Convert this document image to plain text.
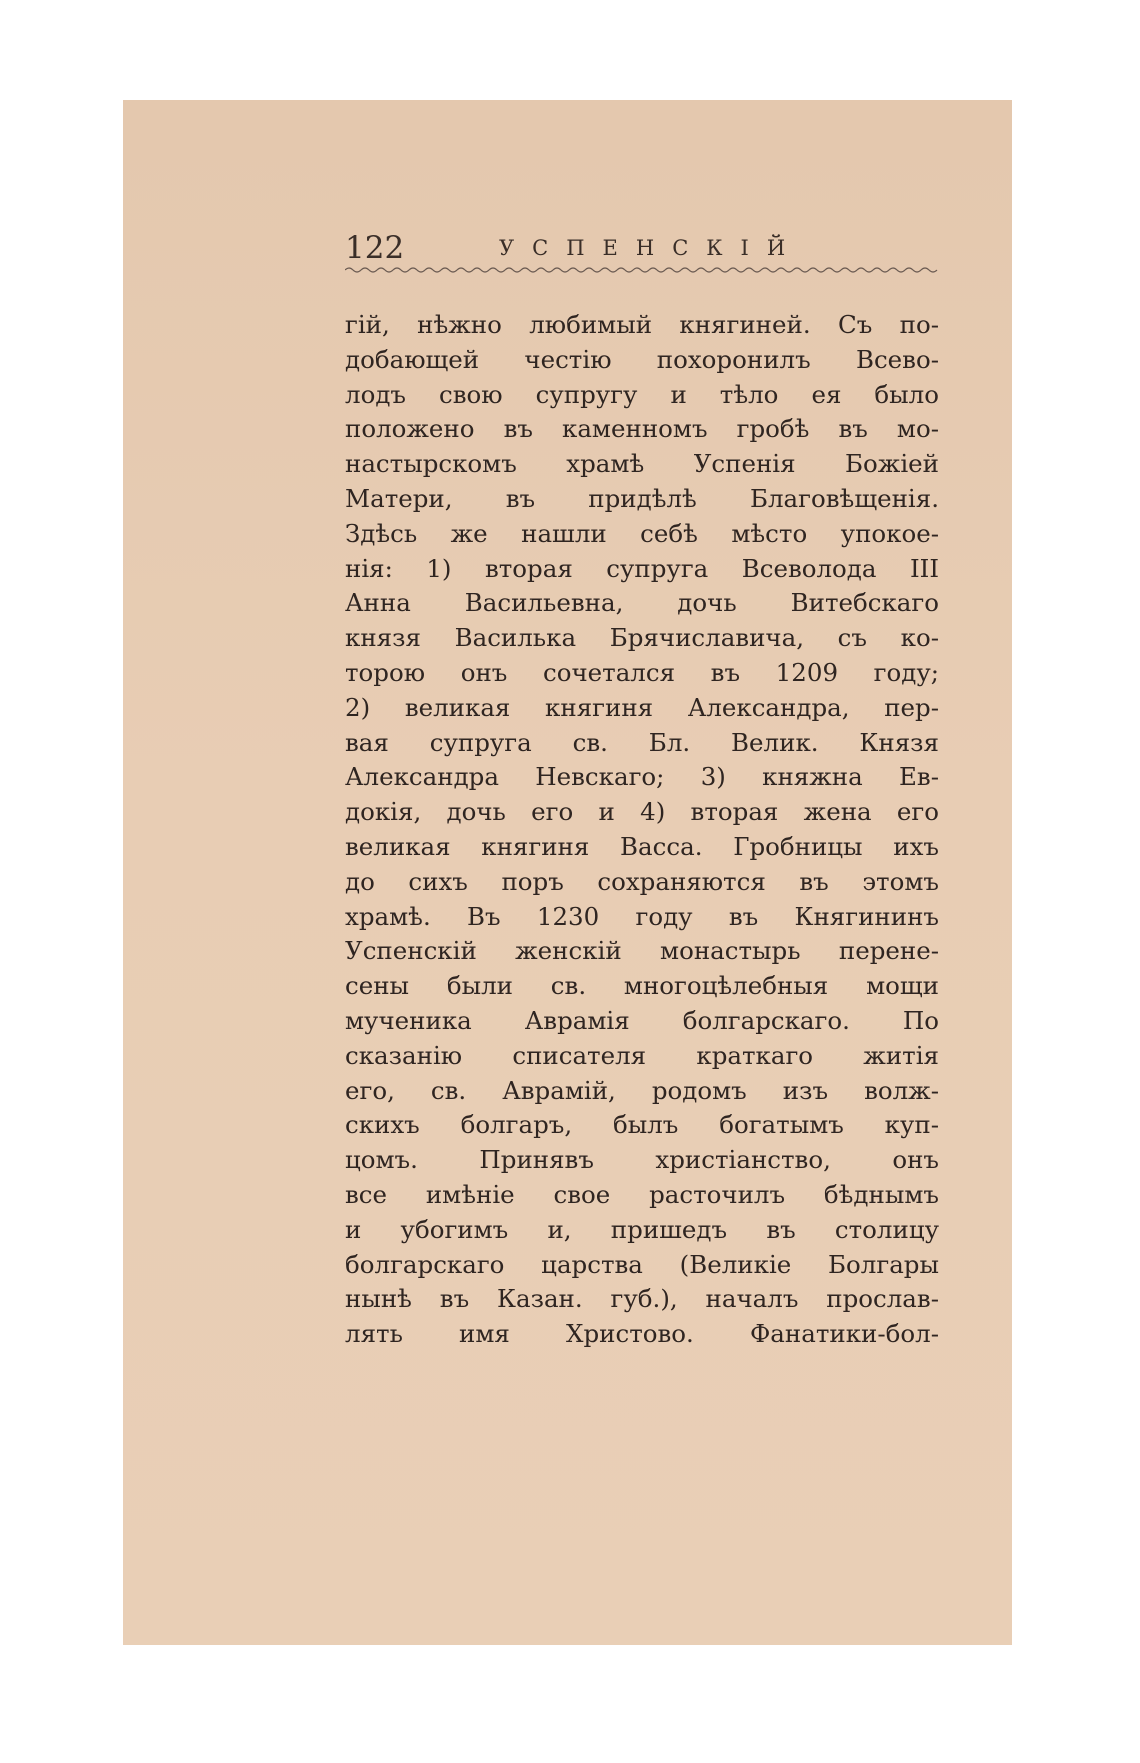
122	УСПЕНСКІЙ
гій, нѣжно любимый княгиней. Съ по-
добающей честію похоронилъ Всево-
лодъ свою супругу и тѣло ея было
положено въ каменномъ гробѣ въ мо-
настырскомъ храмѣ Успенія Божіей
Матери, въ придѣлѣ Благовѣщенія.
Здѣсь же нашли себѣ мѣсто упокое-
нія: 1) вторая супруга Всеволода III
Анна Васильевна, дочь Витебскаго
князя Василька Брячиславича, съ ко-
торою онъ сочетался въ 1209 году;
2) великая княгиня Александра, пер-
вая супруга св. Бл. Велик. Князя
Александра Невскаго; 3) княжна Ев-
докія, дочь его и 4) вторая жена его
великая княгиня Васса. Гробницы ихъ
до сихъ поръ сохраняются въ этомъ
храмѣ. Въ 1230 году въ Княгининъ
Успенскій женскій монастырь перене-
сены были св. многоцѣлебныя мощи
мученика Аврамія болгарскаго. По
сказанію списателя краткаго житія
его, св. Аврамій, родомъ изъ волж-
скихъ болгаръ, былъ богатымъ куп-
цомъ. Принявъ христіанство, онъ
все имѣніе свое расточилъ бѣднымъ
и убогимъ и, пришедъ въ столицу
болгарскаго царства (Великіе Болгары
нынѣ въ Казан. губ.), началъ прослав-
лять имя Христово. Фанатики-бол-
